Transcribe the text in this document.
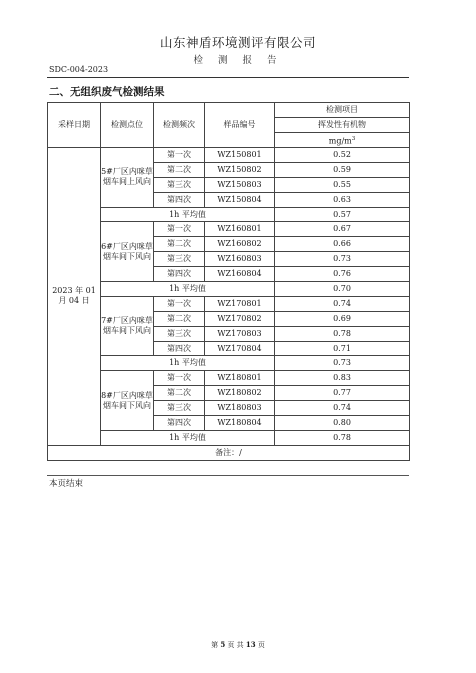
山东神盾环境测评有限公司
检 测 报 告
SDC-004-2023
二、无组织废气检测结果
采样日期	检测点位	检测频次	样品编号	检测项目
				挥发性有机物
				$mg/m^3$
2023 年 01 月 04 日	5#厂区内咪草烟车间上风向	第一次	WZ150801	0.52
		第二次	WZ150802	0.59
		第三次	WZ150803	0.55
		第四次	WZ150804	0.63
	1h 平均值			0.57
	6#厂区内咪草烟车间下风向	第一次	WZ160801	0.67
		第二次	WZ160802	0.66
		第三次	WZ160803	0.73
		第四次	WZ160804	0.76
	1h 平均值			0.70
	7#厂区内咪草烟车间下风向	第一次	WZ170801	0.74
		第二次	WZ170802	0.69
		第三次	WZ170803	0.78
		第四次	WZ170804	0.71
	1h 平均值			0.73
	8#厂区内咪草烟车间下风向	第一次	WZ180801	0.83
		第二次	WZ180802	0.77
		第三次	WZ180803	0.74
		第四次	WZ180804	0.80
	1h 平均值			0.78
备注：/				
本页结束
第 5 页 共 13 页
